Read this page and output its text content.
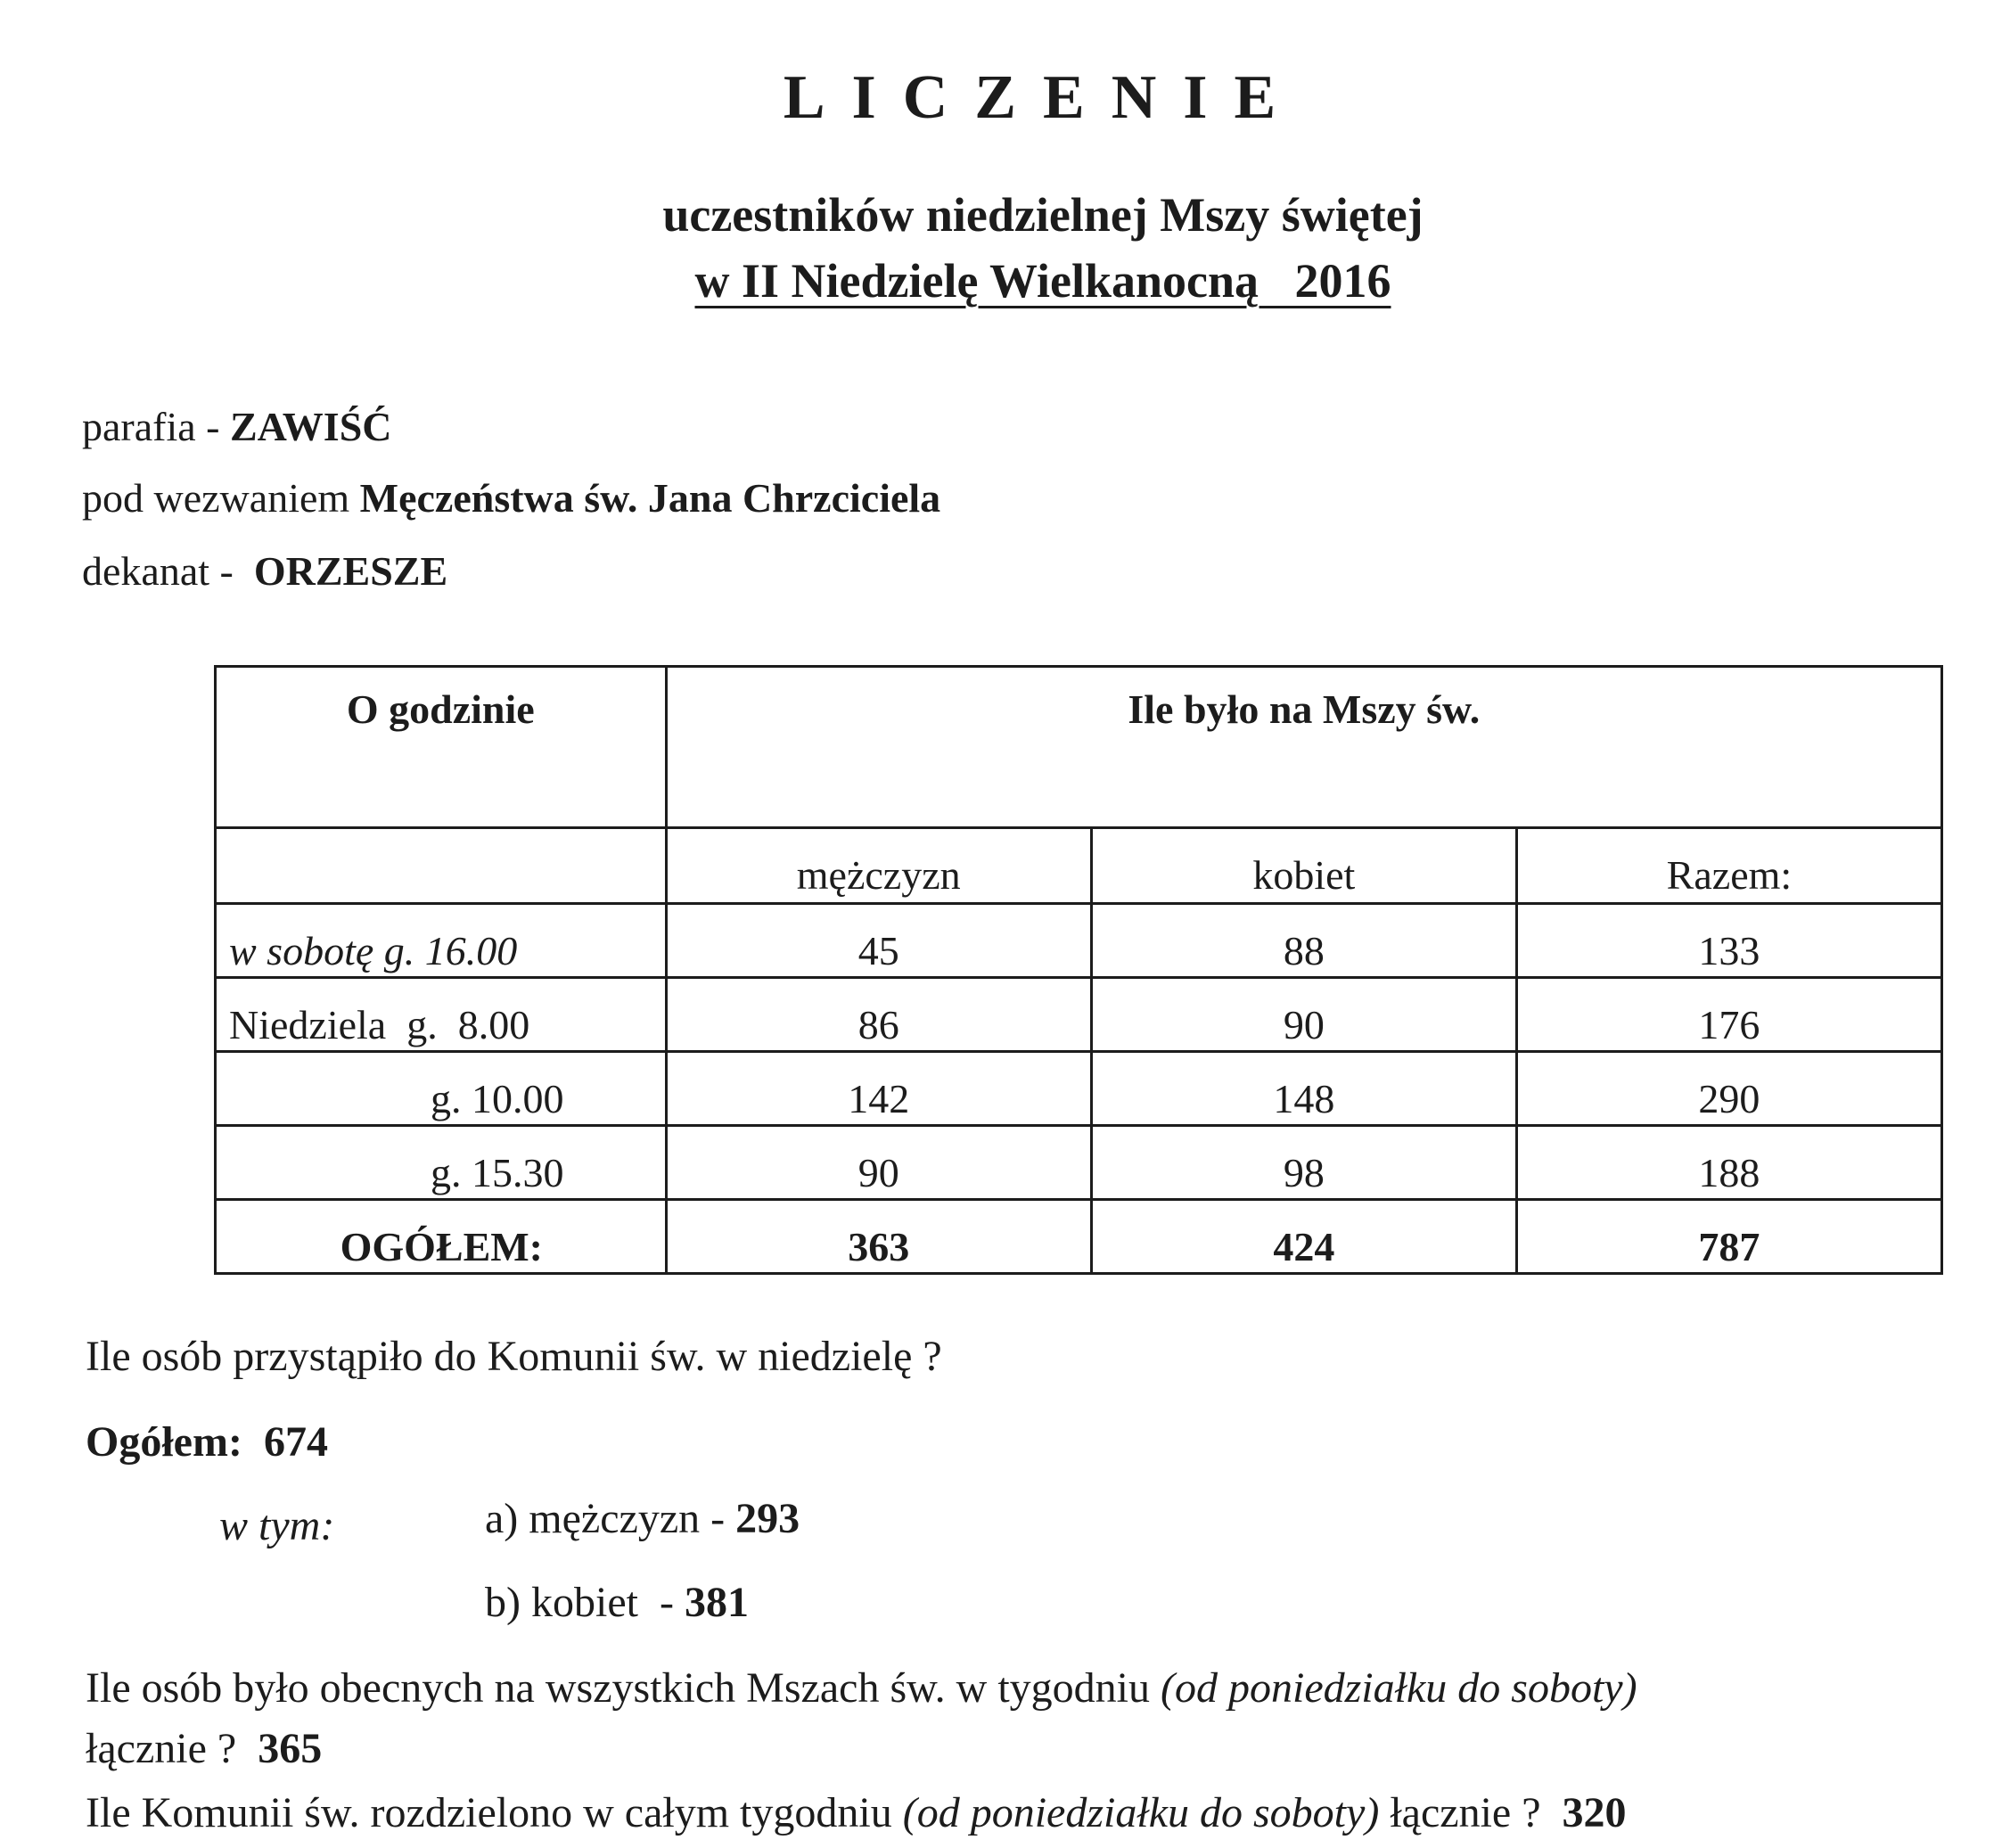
LICZENIE
uczestników niedzielnej Mszy świętej
w II Niedzielę Wielkanocną   2016
parafia - ZAWIŚĆ
pod wezwaniem Męczeństwa św. Jana Chrzciciela
dekanat -  ORZESZE
O godzinie	Ile było na Mszy św.		
	mężczyzn	kobiet	Razem:
w sobotę g. 16.00	45	88	133
Niedziela  g.  8.00	86	90	176
g. 10.00	142	148	290
g. 15.30	90	98	188
OGÓŁEM:	363	424	787
Ile osób przystąpiło do Komunii św. w niedzielę ?
Ogółem: 674
w tym:	a) mężczyzn - 293
b) kobiet  - 381
Ile osób było obecnych na wszystkich Mszach św. w tygodniu (od poniedziałku do soboty)
łącznie ?  365
Ile Komunii św. rozdzielono w całym tygodniu (od poniedziałku do soboty) łącznie ?  320
